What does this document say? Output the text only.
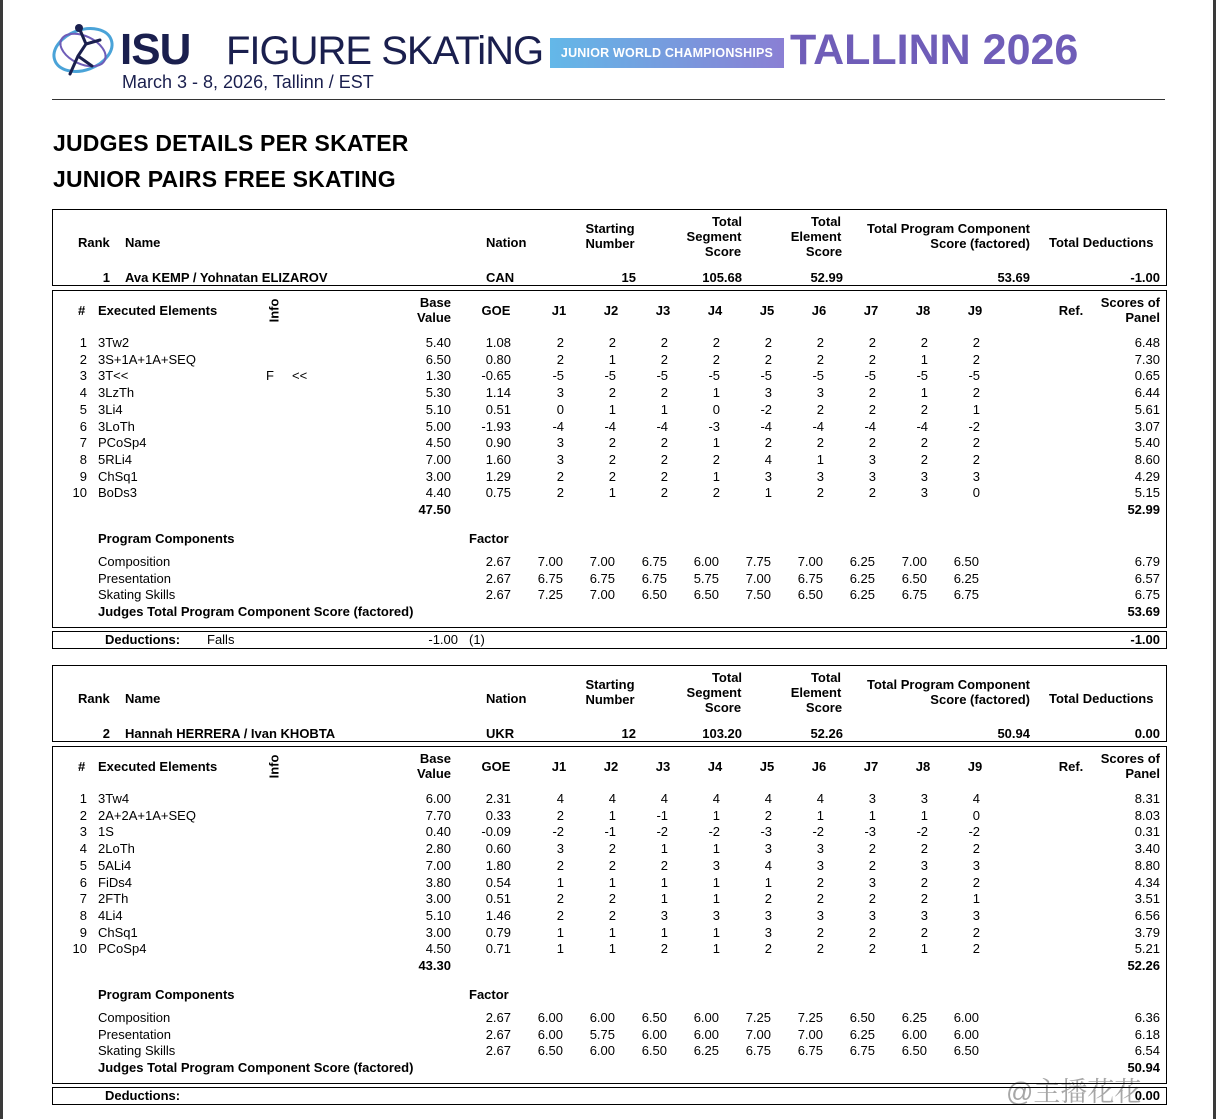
ISU FIGURE SKATiNG	JUNIOR WORLD CHAMPIONSHIPS TALLINN 2026
March 3 - 8, 2026, Tallinn / EST
JUDGES DETAILS PER SKATER
JUNIOR PAIRS FREE SKATING
@主播花花
Rank Name	Nation
Starting
Number
Total
Segment
Score
Total
Element
Score
Total Program Component
Score (factored) Total Deductions
1 Ava KEMP / Yohnatan ELIZAROV	CAN	15	105.68	52.99	53.69	-1.00
# Executed Elements	Info	Base
Value	GOE	J1	J2	J3	J4	J5	J6	J7	J8	J9	Ref.
Scores of
Panel
1 3Tw2	5.40	1.08	2	2	2	2	2	2	2	2	2	6.48
2 3S+1A+1A+SEQ	6.50	0.80	2	1	2	2	2	2	2	1	2	7.30
3 3T<<	F <<	1.30	-0.65	-5	-5	-5	-5	-5	-5	-5	-5	-5	0.65
4 3LzTh	5.30	1.14	3	2	2	1	3	3	2	1	2	6.44
5 3Li4	5.10	0.51	0	1	1	0	-2	2	2	2	1	5.61
6 3LoTh	5.00	-1.93	-4	-4	-4	-3	-4	-4	-4	-4	-2	3.07
7 PCoSp4	4.50	0.90	3	2	2	1	2	2	2	2	2	5.40
8 5RLi4	7.00	1.60	3	2	2	2	4	1	3	2	2	8.60
9 ChSq1	3.00	1.29	2	2	2	1	3	3	3	3	3	4.29
10 BoDs3	4.40	0.75	2	1	2	2	1	2	2	3	0	5.15
47.50	52.99
Program Components	Factor
Composition	2.67	7.00	7.00	6.75	6.00	7.75	7.00	6.25	7.00	6.50	6.79
Presentation	2.67	6.75	6.75	6.75	5.75	7.00	6.75	6.25	6.50	6.25	6.57
Skating Skills	2.67	7.25	7.00	6.50	6.50	7.50	6.50	6.25	6.75	6.75	6.75
Judges Total Program Component Score (factored)	53.69
Deductions: Falls	-1.00 (1)	-1.00
Rank Name	Nation
Starting
Number
Total
Segment
Score
Total
Element
Score
Total Program Component
Score (factored) Total Deductions
2 Hannah HERRERA / Ivan KHOBTA	UKR	12	103.20	52.26	50.94	0.00
# Executed Elements	Info	Base
Value	GOE	J1	J2	J3	J4	J5	J6	J7	J8	J9	Ref.
Scores of
Panel
1 3Tw4	6.00	2.31	4	4	4	4	4	4	3	3	4	8.31
2 2A+2A+1A+SEQ	7.70	0.33	2	1	-1	1	2	1	1	1	0	8.03
3 1S	0.40	-0.09	-2	-1	-2	-2	-3	-2	-3	-2	-2	0.31
4 2LoTh	2.80	0.60	3	2	1	1	3	3	2	2	2	3.40
5 5ALi4	7.00	1.80	2	2	2	3	4	3	2	3	3	8.80
6 FiDs4	3.80	0.54	1	1	1	1	1	2	3	2	2	4.34
7 2FTh	3.00	0.51	2	2	1	1	2	2	2	2	1	3.51
8 4Li4	5.10	1.46	2	2	3	3	3	3	3	3	3	6.56
9 ChSq1	3.00	0.79	1	1	1	1	3	2	2	2	2	3.79
10 PCoSp4	4.50	0.71	1	1	2	1	2	2	2	1	2	5.21
43.30	52.26
Program Components	Factor
Composition	2.67	6.00	6.00	6.50	6.00	7.25	7.25	6.50	6.25	6.00	6.36
Presentation	2.67	6.00	5.75	6.00	6.00	7.00	7.00	6.25	6.00	6.00	6.18
Skating Skills	2.67	6.50	6.00	6.50	6.25	6.75	6.75	6.75	6.50	6.50	6.54
Judges Total Program Component Score (factored)	50.94
Deductions:	0.00
